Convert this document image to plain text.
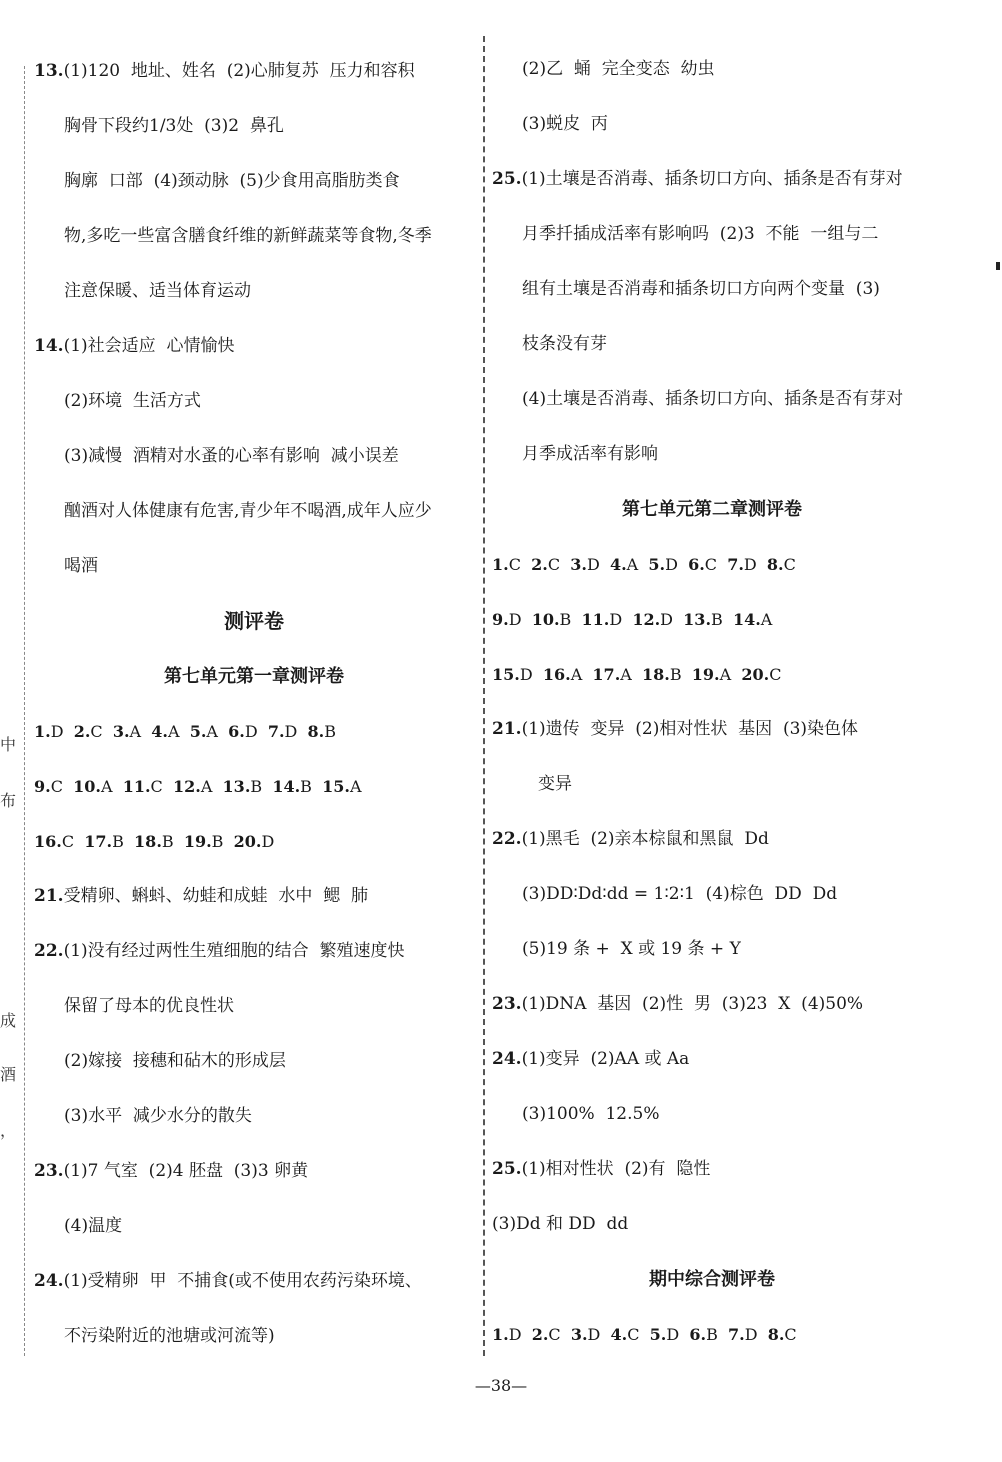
中
布
成
酒
，
13.(1)120  地址、姓名  (2)心肺复苏  压力和容积
胸骨下段约1/3处  (3)2  鼻孔
胸廓  口部  (4)颈动脉  (5)少食用高脂肪类食
物,多吃一些富含膳食纤维的新鲜蔬菜等食物,冬季
注意保暖、适当体育运动
14.(1)社会适应  心情愉快
(2)环境  生活方式
(3)减慢  酒精对水蚤的心率有影响  减小误差
酗酒对人体健康有危害,青少年不喝酒,成年人应少
喝酒
测评卷
第七单元第一章测评卷
1.D 2.C 3.A 4.A 5.A 6.D 7.D 8.B
9.C 10.A 11.C 12.A 13.B 14.B 15.A
16.C 17.B 18.B 19.B 20.D
21.受精卵、蝌蚪、幼蛙和成蛙  水中  鳃  肺
22.(1)没有经过两性生殖细胞的结合  繁殖速度快
保留了母本的优良性状
(2)嫁接  接穗和砧木的形成层
(3)水平  减少水分的散失
23.(1)7 气室  (2)4 胚盘  (3)3 卵黄
(4)温度
24.(1)受精卵  甲  不捕食(或不使用农药污染环境、
不污染附近的池塘或河流等)
(2)乙  蛹  完全变态  幼虫
(3)蜕皮  丙
25.(1)土壤是否消毒、插条切口方向、插条是否有芽对
月季扦插成活率有影响吗  (2)3  不能  一组与二
组有土壤是否消毒和插条切口方向两个变量  (3)
枝条没有芽
(4)土壤是否消毒、插条切口方向、插条是否有芽对
月季成活率有影响
第七单元第二章测评卷
1.C 2.C 3.D 4.A 5.D 6.C 7.D 8.C
9.D 10.B 11.D 12.D 13.B 14.A
15.D 16.A 17.A 18.B 19.A 20.C
21.(1)遗传  变异  (2)相对性状  基因  (3)染色体
变异
22.(1)黑毛  (2)亲本棕鼠和黑鼠  Dd
(3)DD∶Dd∶dd = 1∶2∶1  (4)棕色  DD  Dd
(5)19 条 +  X 或 19 条 + Y
23.(1)DNA  基因  (2)性  男  (3)23  X  (4)50%
24.(1)变异  (2)AA 或 Aa
(3)100%  12.5%
25.(1)相对性状  (2)有  隐性
(3)Dd 和 DD  dd
期中综合测评卷
1.D 2.C 3.D 4.C 5.D 6.B 7.D 8.C
—38—
